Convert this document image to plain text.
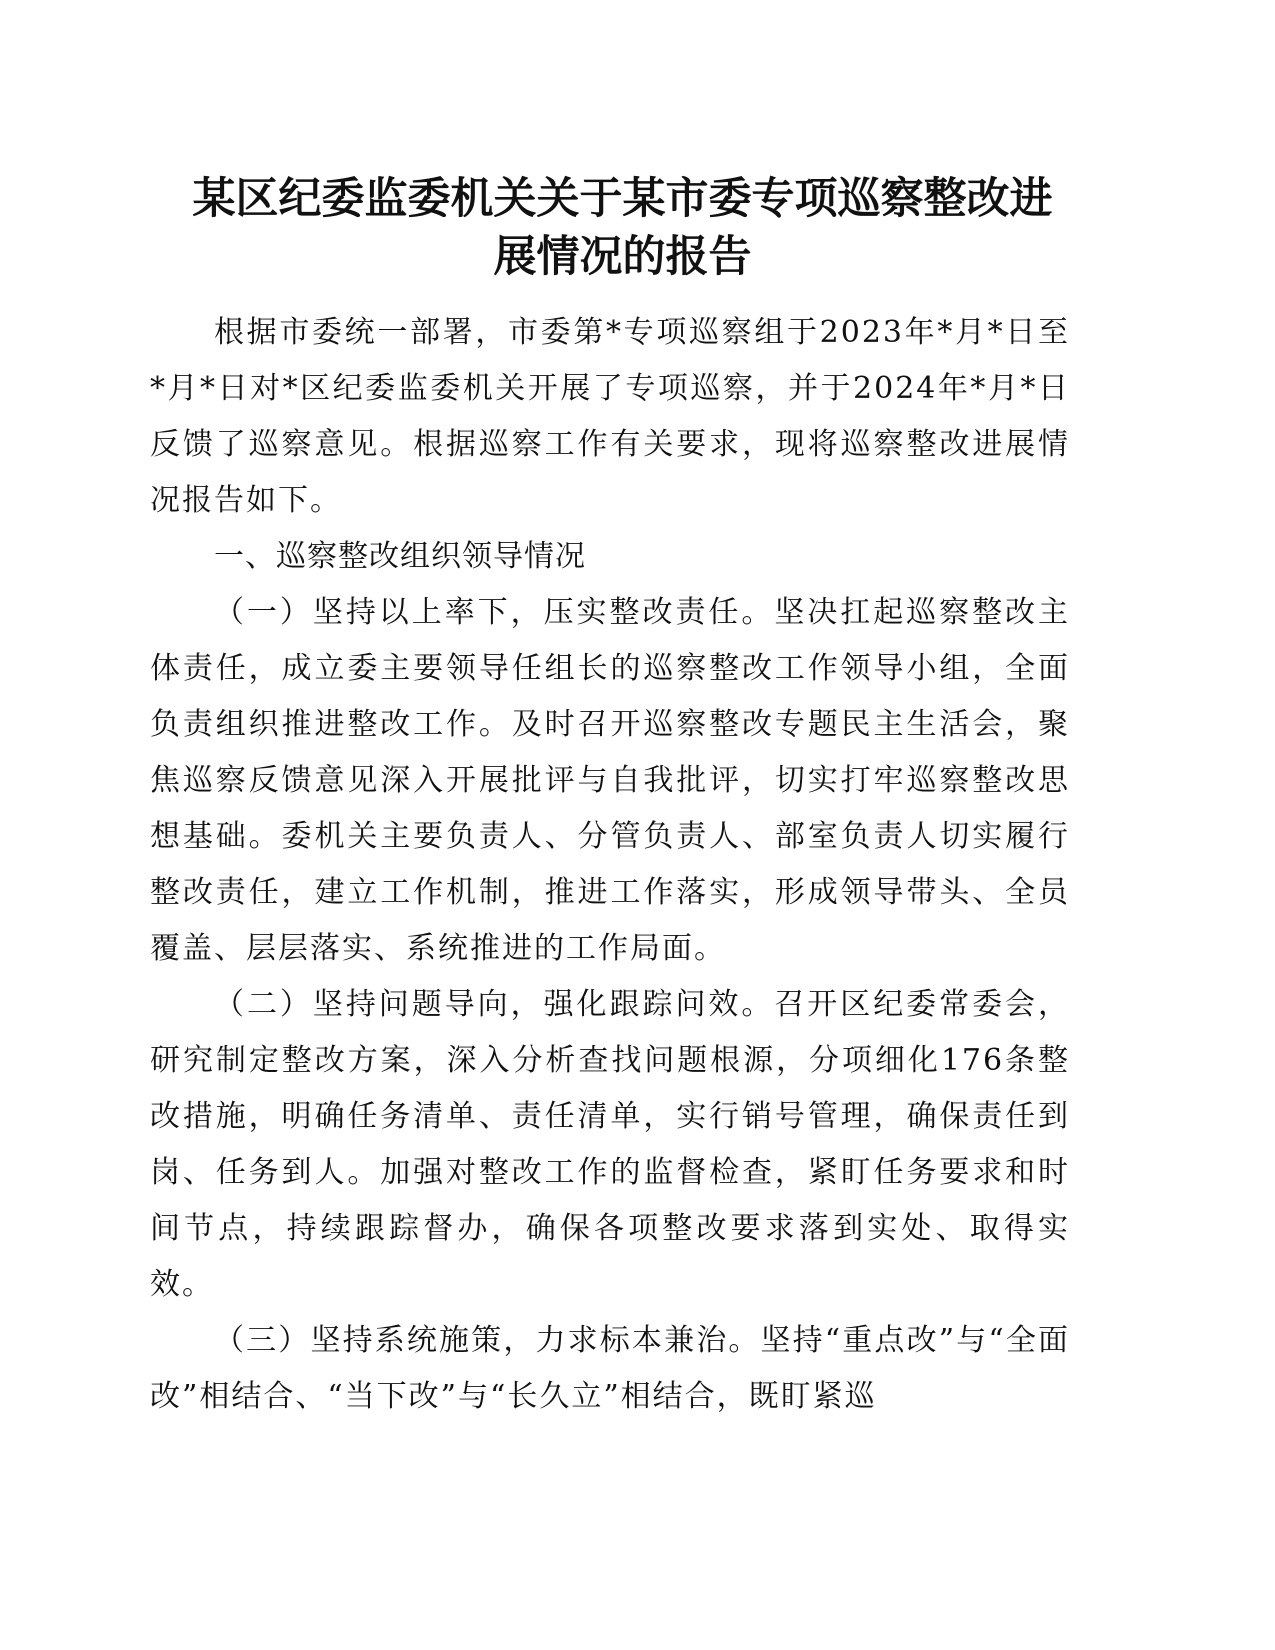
某区纪委监委机关关于某市委专项巡察整改进
展情况的报告

根据市委统一部署，市委第*专项巡察组于2023年*月*日至*月*日对*区纪委监委机关开展了专项巡察，并于2024年*月*日反馈了巡察意见。根据巡察工作有关要求，现将巡察整改进展情况报告如下。

一、巡察整改组织领导情况

（一）坚持以上率下，压实整改责任。坚决扛起巡察整改主体责任，成立委主要领导任组长的巡察整改工作领导小组，全面负责组织推进整改工作。及时召开巡察整改专题民主生活会，聚焦巡察反馈意见深入开展批评与自我批评，切实打牢巡察整改思想基础。委机关主要负责人、分管负责人、部室负责人切实履行整改责任，建立工作机制，推进工作落实，形成领导带头、全员覆盖、层层落实、系统推进的工作局面。

（二）坚持问题导向，强化跟踪问效。召开区纪委常委会，研究制定整改方案，深入分析查找问题根源，分项细化176条整改措施，明确任务清单、责任清单，实行销号管理，确保责任到岗、任务到人。加强对整改工作的监督检查，紧盯任务要求和时间节点，持续跟踪督办，确保各项整改要求落到实处、取得实效。

（三）坚持系统施策，力求标本兼治。坚持“重点改”与“全面改”相结合、“当下改”与“长久立”相结合，既盯紧巡
